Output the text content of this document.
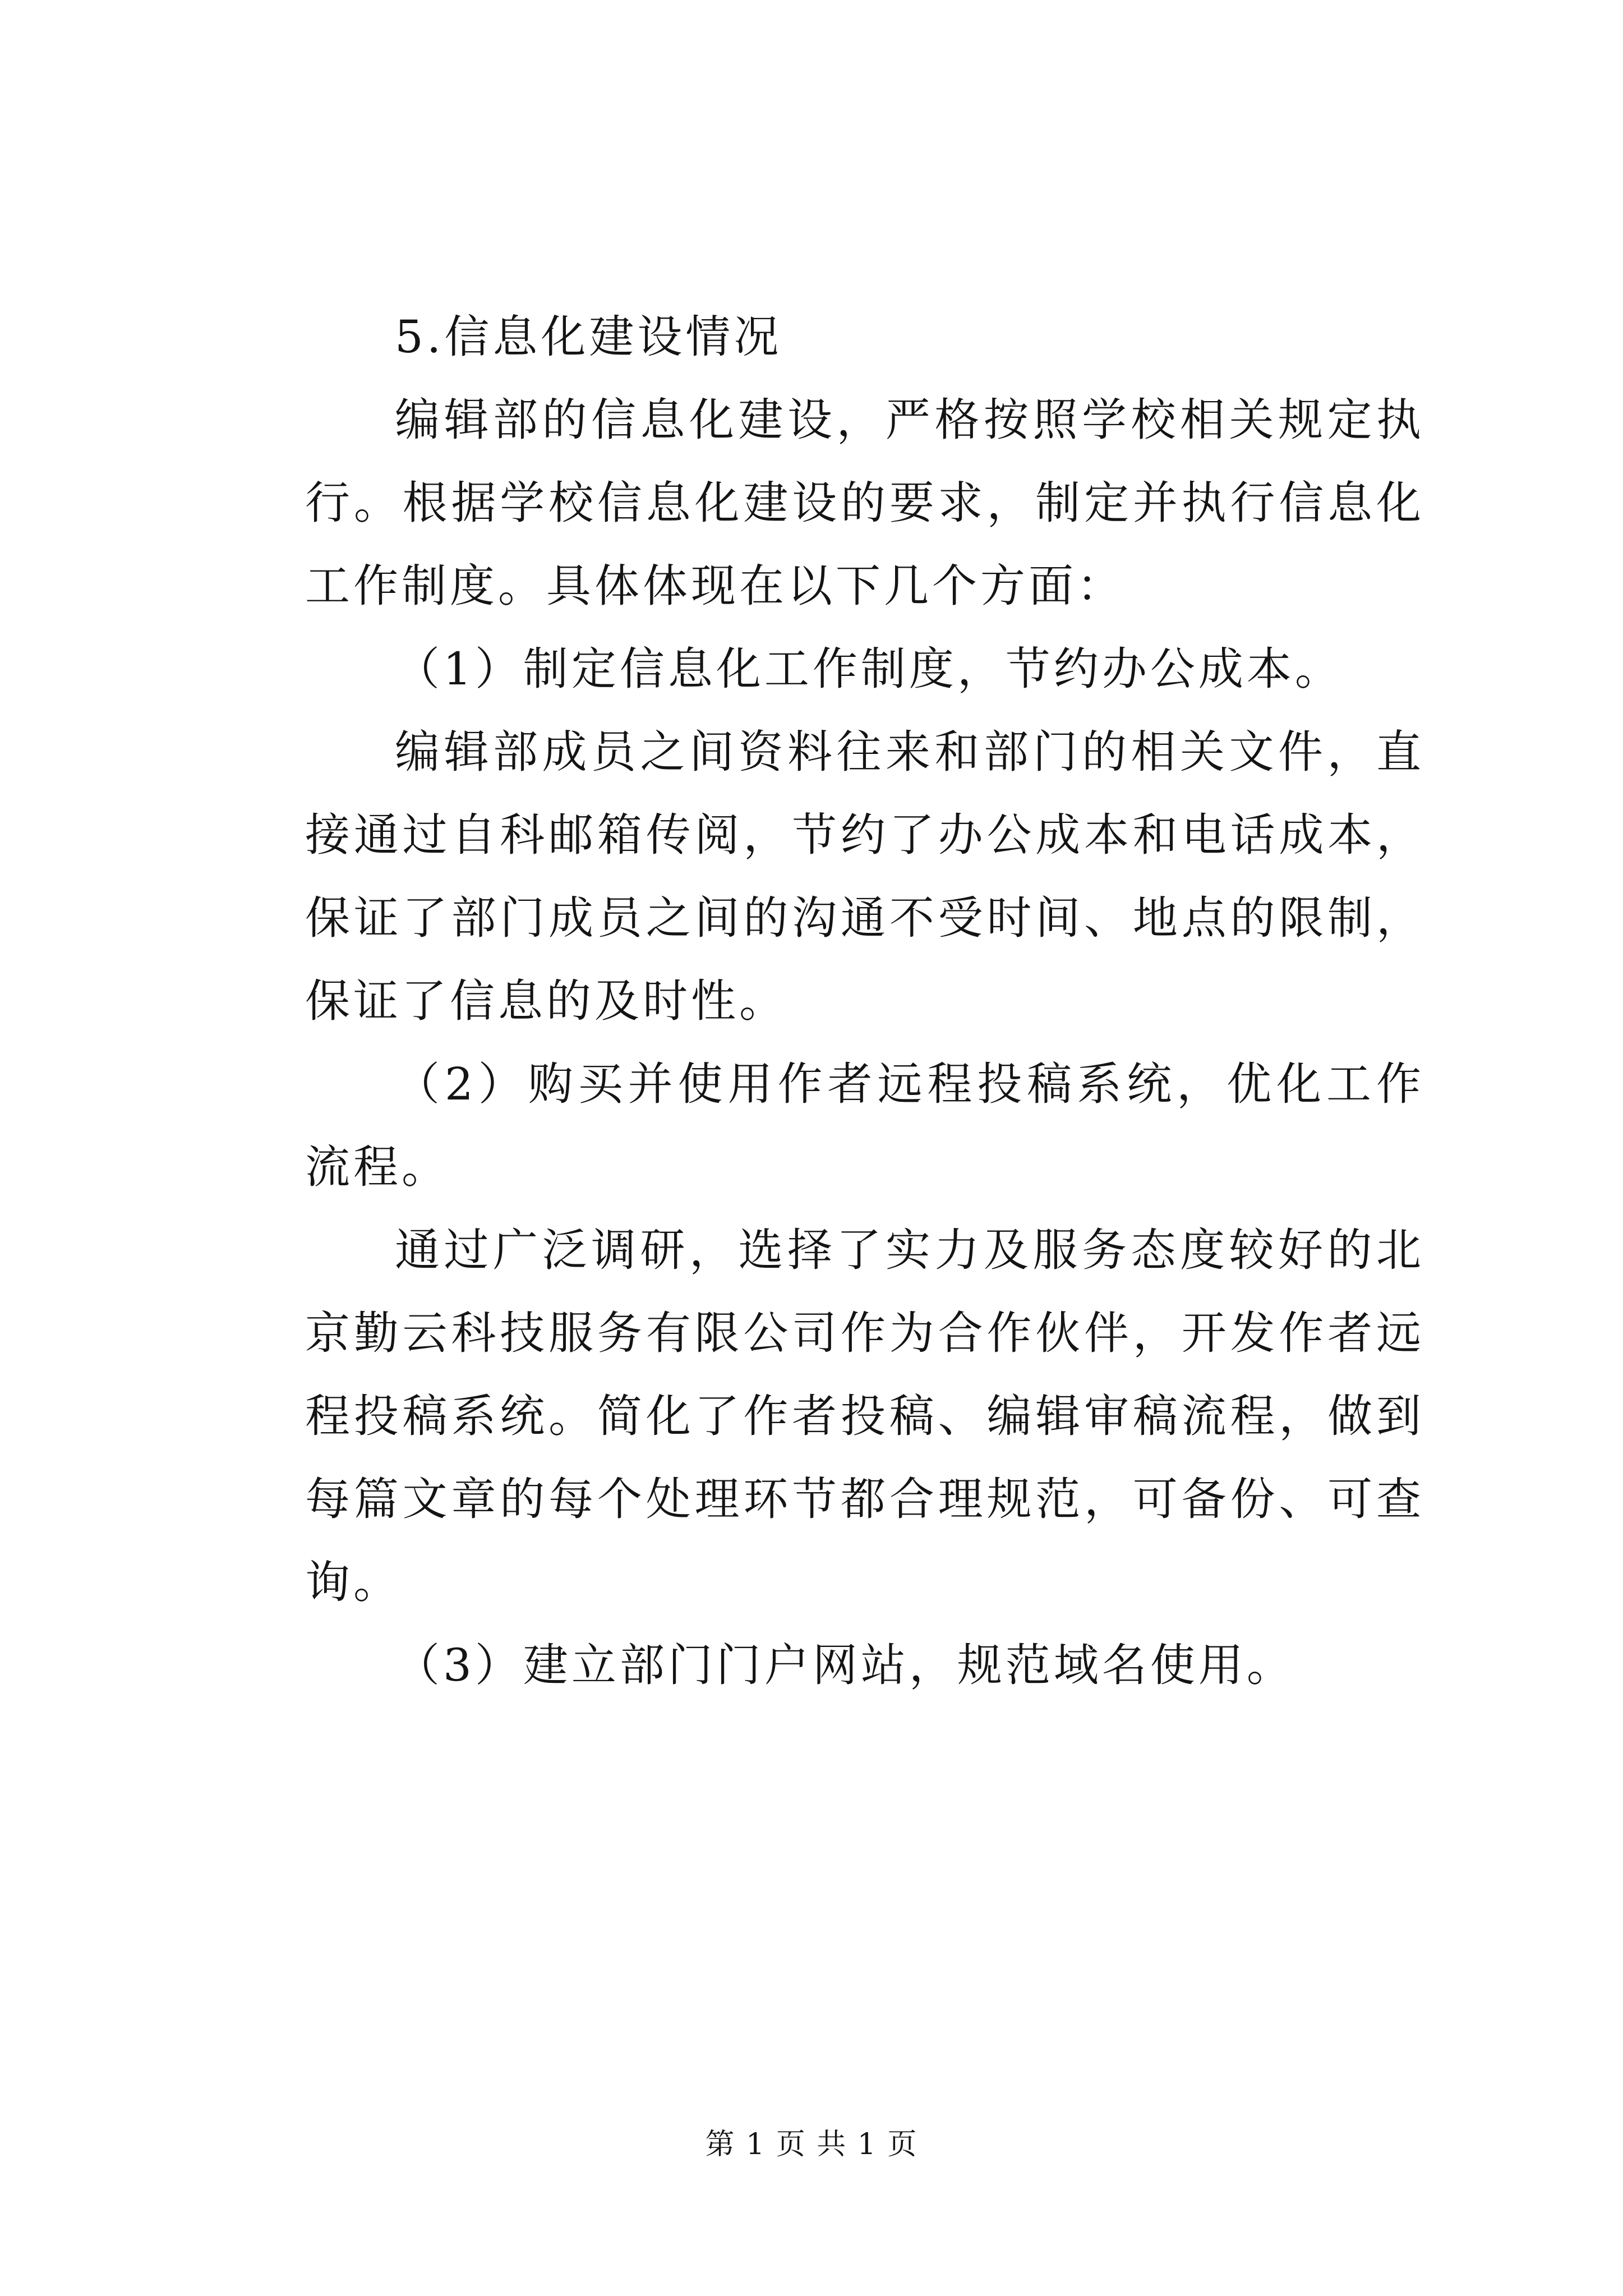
5.信息化建设情况

编辑部的信息化建设，严格按照学校相关规定执行。根据学校信息化建设的要求，制定并执行信息化工作制度。具体体现在以下几个方面：

（1）制定信息化工作制度，节约办公成本。

编辑部成员之间资料往来和部门的相关文件，直接通过自科邮箱传阅，节约了办公成本和电话成本，保证了部门成员之间的沟通不受时间、地点的限制，保证了信息的及时性。

（2）购买并使用作者远程投稿系统，优化工作流程。

通过广泛调研，选择了实力及服务态度较好的北京勤云科技服务有限公司作为合作伙伴，开发作者远程投稿系统。简化了作者投稿、编辑审稿流程，做到每篇文章的每个处理环节都合理规范，可备份、可查询。

（3）建立部门门户网站，规范域名使用。

第 1 页 共 1 页
